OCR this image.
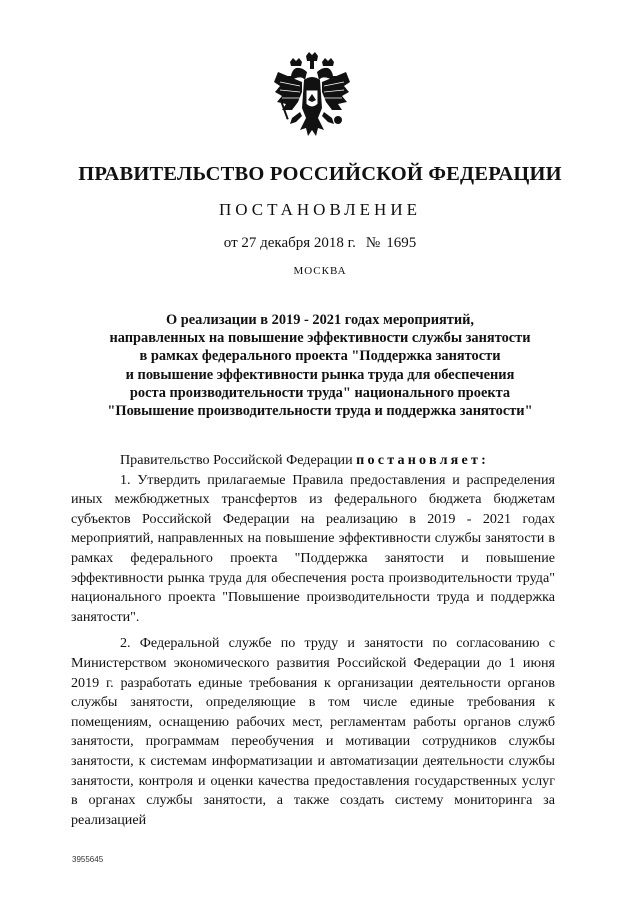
ПРАВИТЕЛЬСТВО РОССИЙСКОЙ ФЕДЕРАЦИИ
ПОСТАНОВЛЕНИЕ
от 27 декабря 2018 г. № 1695
МОСКВА
О реализации в 2019 - 2021 годах мероприятий,
направленных на повышение эффективности службы занятости
в рамках федерального проекта "Поддержка занятости
и повышение эффективности рынка труда для обеспечения
роста производительности труда" национального проекта
"Повышение производительности труда и поддержка занятости"

Правительство Российской Федерации постановляет:

1. Утвердить прилагаемые Правила предоставления и распределения иных межбюджетных трансфертов из федерального бюджета бюджетам субъектов Российской Федерации на реализацию в 2019 - 2021 годах мероприятий, направленных на повышение эффективности службы занятости в рамках федерального проекта "Поддержка занятости и повышение эффективности рынка труда для обеспечения роста производительности труда" национального проекта "Повышение производительности труда и поддержка занятости".

2. Федеральной службе по труду и занятости по согласованию с Министерством экономического развития Российской Федерации до 1 июня 2019 г. разработать единые требования к организации деятельности органов службы занятости, определяющие в том числе единые требования к помещениям, оснащению рабочих мест, регламентам работы органов служб занятости, программам переобучения и мотивации сотрудников службы занятости, к системам информатизации и автоматизации деятельности службы занятости, контроля и оценки качества предоставления государственных услуг в органах службы занятости, а также создать систему мониторинга за реализацией

3955645
